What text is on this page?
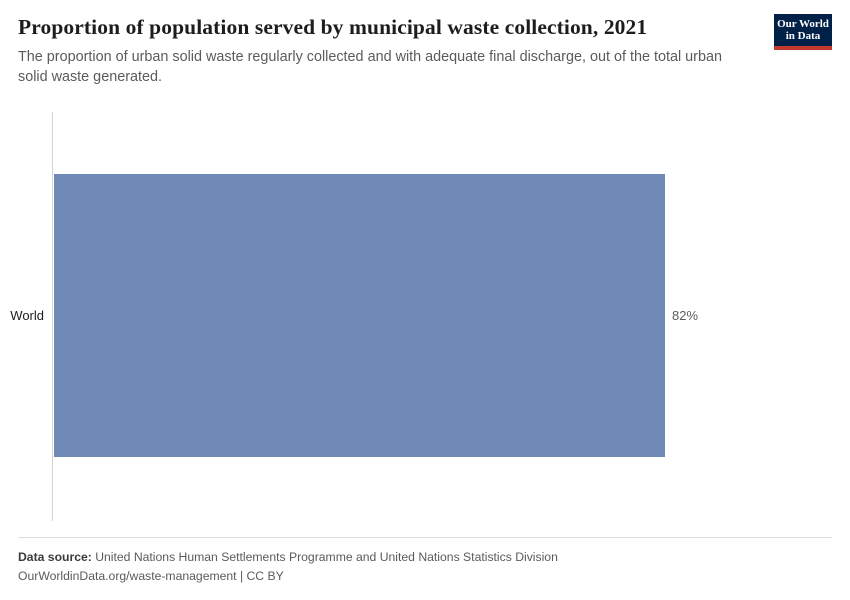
Proportion of population served by municipal waste collection, 2021
The proportion of urban solid waste regularly collected and with adequate final discharge, out of the total urban solid waste generated.
Our World
in Data
World	82%
Data source: United Nations Human Settlements Programme and United Nations Statistics Division
OurWorldinData.org/waste-management | CC BY
